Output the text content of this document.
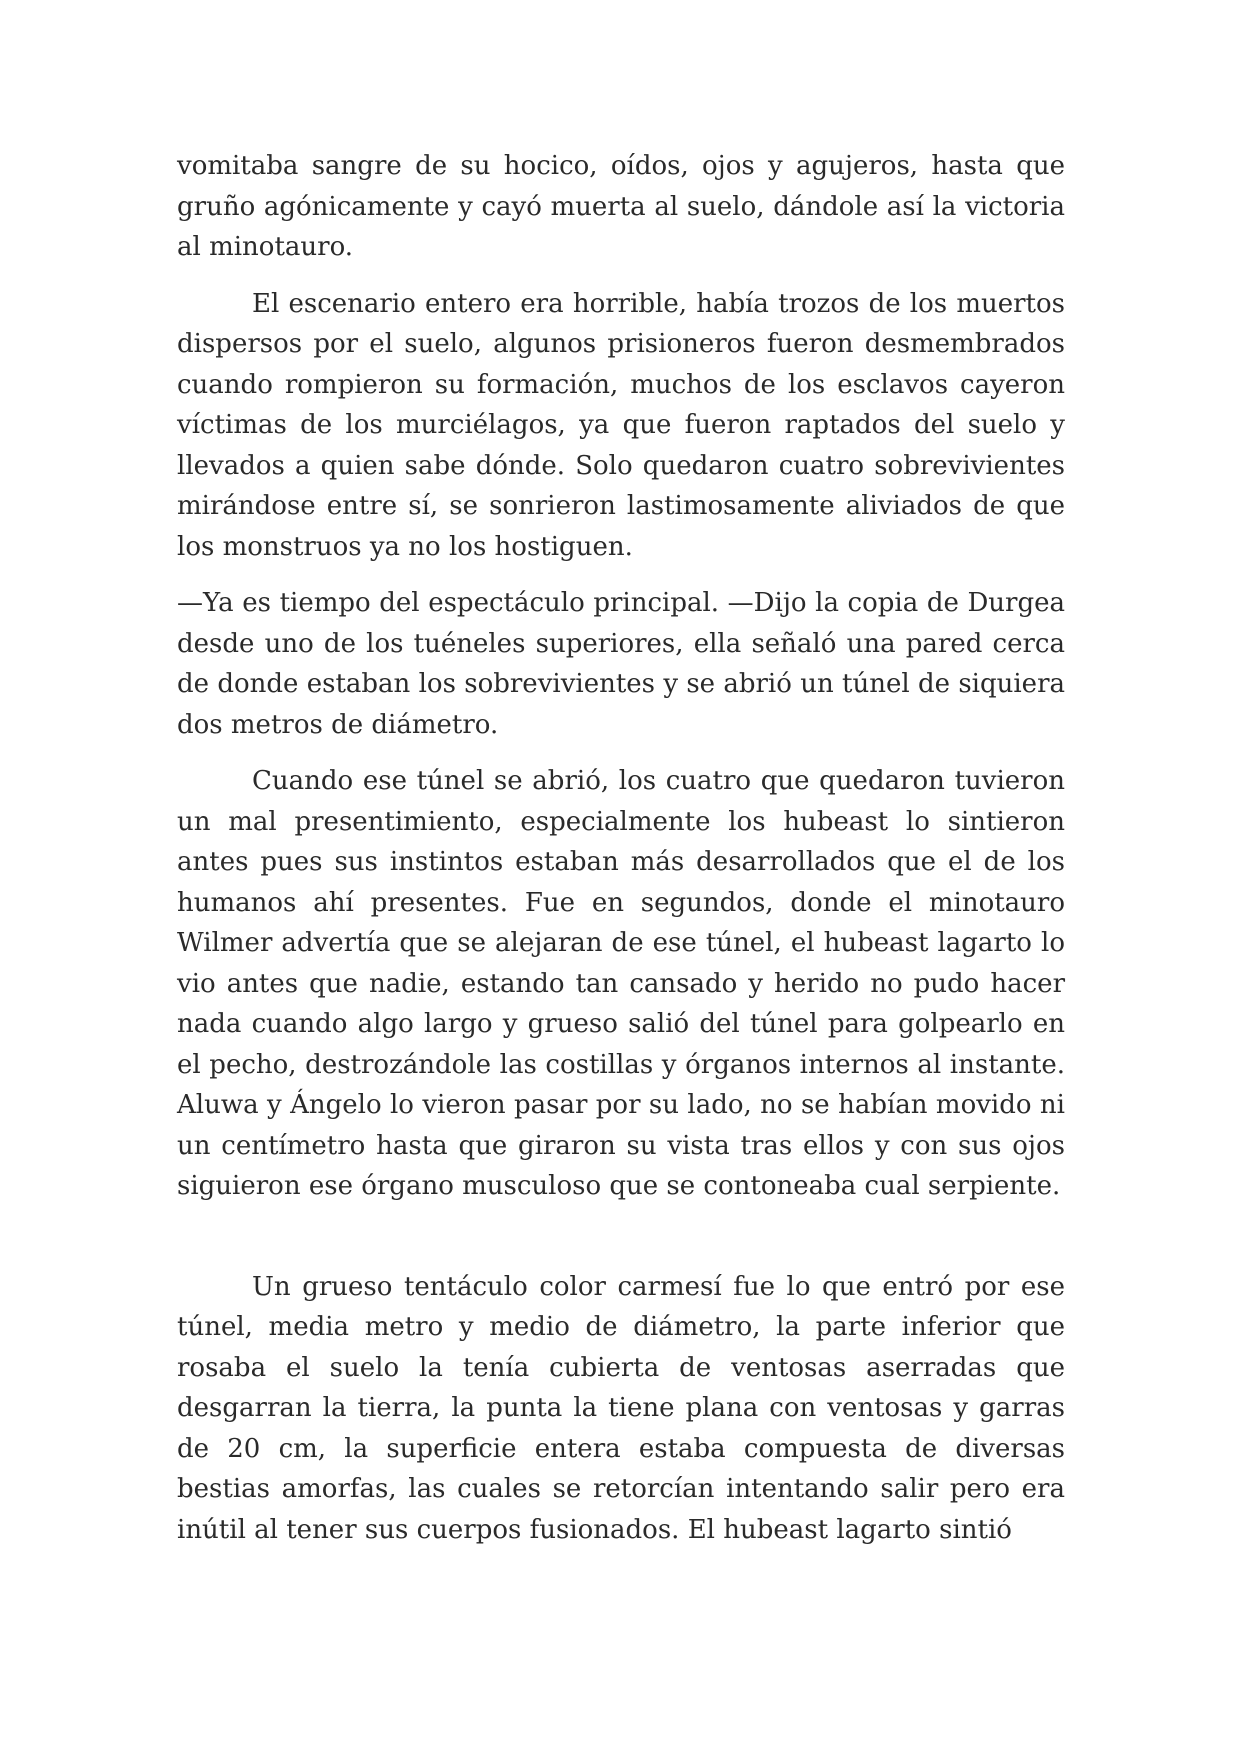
vomitaba sangre de su hocico, oídos, ojos y agujeros, hasta que gruño agónicamente y cayó muerta al suelo, dándole así la victoria al minotauro.

El escenario entero era horrible, había trozos de los muertos dispersos por el suelo, algunos prisioneros fueron desmembrados cuando rompieron su formación, muchos de los esclavos cayeron víctimas de los murciélagos, ya que fueron raptados del suelo y llevados a quien sabe dónde. Solo quedaron cuatro sobrevivientes mirándose entre sí, se sonrieron lastimosamente aliviados de que los monstruos ya no los hostiguen.

—Ya es tiempo del espectáculo principal. —Dijo la copia de Durgea desde uno de los tuéneles superiores, ella señaló una pared cerca de donde estaban los sobrevivientes y se abrió un túnel de siquiera dos metros de diámetro.

Cuando ese túnel se abrió, los cuatro que quedaron tuvieron un mal presentimiento, especialmente los hubeast lo sintieron antes pues sus instintos estaban más desarrollados que el de los humanos ahí presentes. Fue en segundos, donde el minotauro Wilmer advertía que se alejaran de ese túnel, el hubeast lagarto lo vio antes que nadie, estando tan cansado y herido no pudo hacer nada cuando algo largo y grueso salió del túnel para golpearlo en el pecho, destrozándole las costillas y órganos internos al instante. Aluwa y Ángelo lo vieron pasar por su lado, no se habían movido ni un centímetro hasta que giraron su vista tras ellos y con sus ojos siguieron ese órgano musculoso que se contoneaba cual serpiente.

Un grueso tentáculo color carmesí fue lo que entró por ese túnel, media metro y medio de diámetro, la parte inferior que rosaba el suelo la tenía cubierta de ventosas aserradas que desgarran la tierra, la punta la tiene plana con ventosas y garras de 20 cm, la superficie entera estaba compuesta de diversas bestias amorfas, las cuales se retorcían intentando salir pero era inútil al tener sus cuerpos fusionados. El hubeast lagarto sintió
